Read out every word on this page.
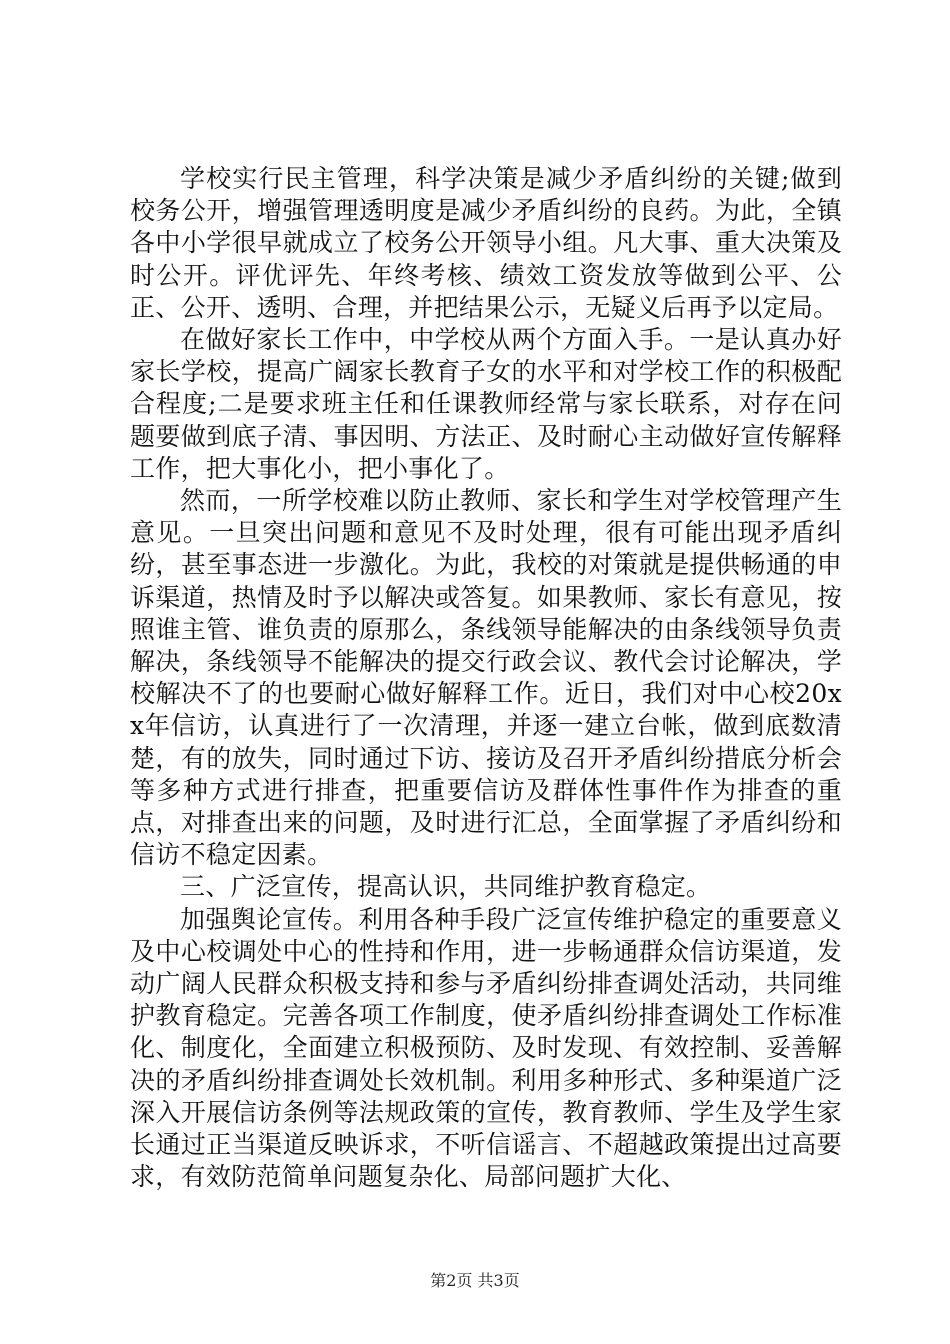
学校实行民主管理，科学决策是减少矛盾纠纷的关键;做到校务公开，增强管理透明度是减少矛盾纠纷的良药。为此，全镇各中小学很早就成立了校务公开领导小组。凡大事、重大决策及时公开。评优评先、年终考核、绩效工资发放等做到公平、公正、公开、透明、合理，并把结果公示，无疑义后再予以定局。

在做好家长工作中，中学校从两个方面入手。一是认真办好家长学校，提高广阔家长教育子女的水平和对学校工作的积极配合程度;二是要求班主任和任课教师经常与家长联系，对存在问题要做到底子清、事因明、方法正、及时耐心主动做好宣传解释工作，把大事化小，把小事化了。

然而，一所学校难以防止教师、家长和学生对学校管理产生意见。一旦突出问题和意见不及时处理，很有可能出现矛盾纠纷，甚至事态进一步激化。为此，我校的对策就是提供畅通的申诉渠道，热情及时予以解决或答复。如果教师、家长有意见，按照谁主管、谁负责的原那么，条线领导能解决的由条线领导负责解决，条线领导不能解决的提交行政会议、教代会讨论解决，学校解决不了的也要耐心做好解释工作。近日，我们对中心校20xx年信访，认真进行了一次清理，并逐一建立台帐，做到底数清楚，有的放失，同时通过下访、接访及召开矛盾纠纷措底分析会等多种方式进行排查，把重要信访及群体性事件作为排查的重点，对排查出来的问题，及时进行汇总，全面掌握了矛盾纠纷和信访不稳定因素。

三、广泛宣传，提高认识，共同维护教育稳定。

加强舆论宣传。利用各种手段广泛宣传维护稳定的重要意义及中心校调处中心的性持和作用，进一步畅通群众信访渠道，发动广阔人民群众积极支持和参与矛盾纠纷排查调处活动，共同维护教育稳定。完善各项工作制度，使矛盾纠纷排查调处工作标准化、制度化，全面建立积极预防、及时发现、有效控制、妥善解决的矛盾纠纷排查调处长效机制。利用多种形式、多种渠道广泛深入开展信访条例等法规政策的宣传，教育教师、学生及学生家长通过正当渠道反映诉求，不听信谣言、不超越政策提出过高要求，有效防范简单问题复杂化、局部问题扩大化、

第2页 共3页
